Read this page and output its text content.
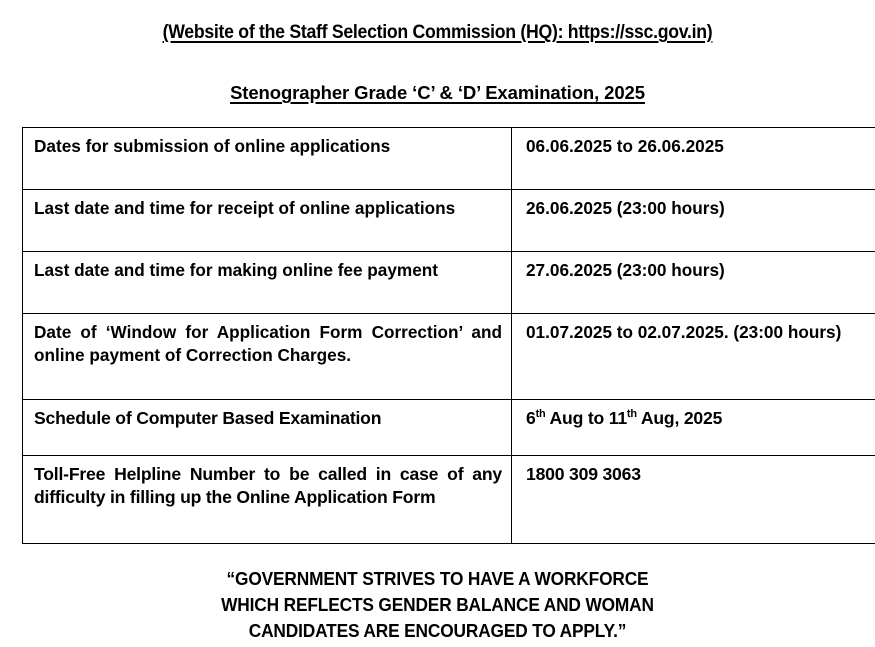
(Website of the Staff Selection Commission (HQ): https://ssc.gov.in)
Stenographer Grade ‘C’ & ‘D’ Examination, 2025
Dates for submission of online applications	06.06.2025 to 26.06.2025
Last date and time for receipt of online applications	26.06.2025 (23:00 hours)
Last date and time for making online fee payment	27.06.2025 (23:00 hours)
Date of ‘Window for Application Form Correction’ and online payment of Correction Charges.	01.07.2025 to 02.07.2025. (23:00 hours)
Schedule of Computer Based Examination	6th Aug to 11th Aug, 2025
Toll-Free Helpline Number to be called in case of any difficulty in filling up the Online Application Form	1800 309 3063
“GOVERNMENT STRIVES TO HAVE A WORKFORCE
WHICH REFLECTS GENDER BALANCE AND WOMAN
CANDIDATES ARE ENCOURAGED TO APPLY.”
